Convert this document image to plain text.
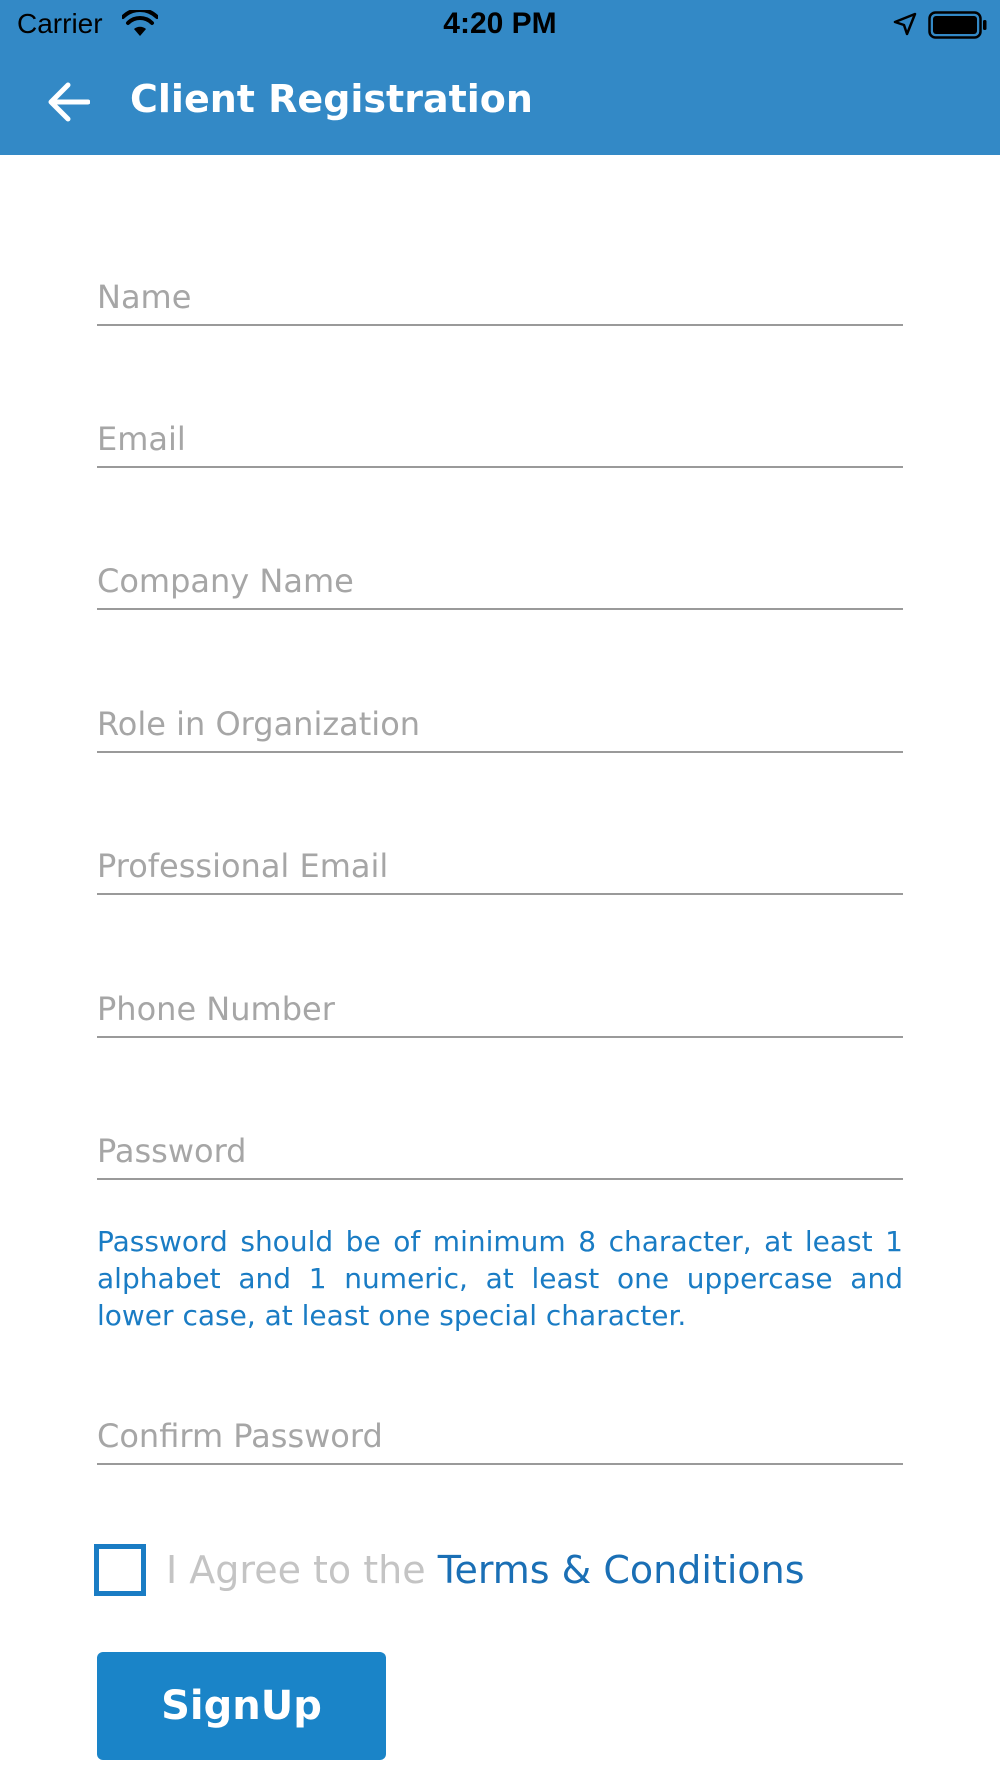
Carrier	4:20 PM
Client Registration
Name
Email
Company Name
Role in Organization
Professional Email
Phone Number

Password should be of minimum 8 character, at least 1 alphabet and 1 numeric, at least one uppercase and lower case, at least one special character.

I Agree to the Terms & Conditions
SignUp
